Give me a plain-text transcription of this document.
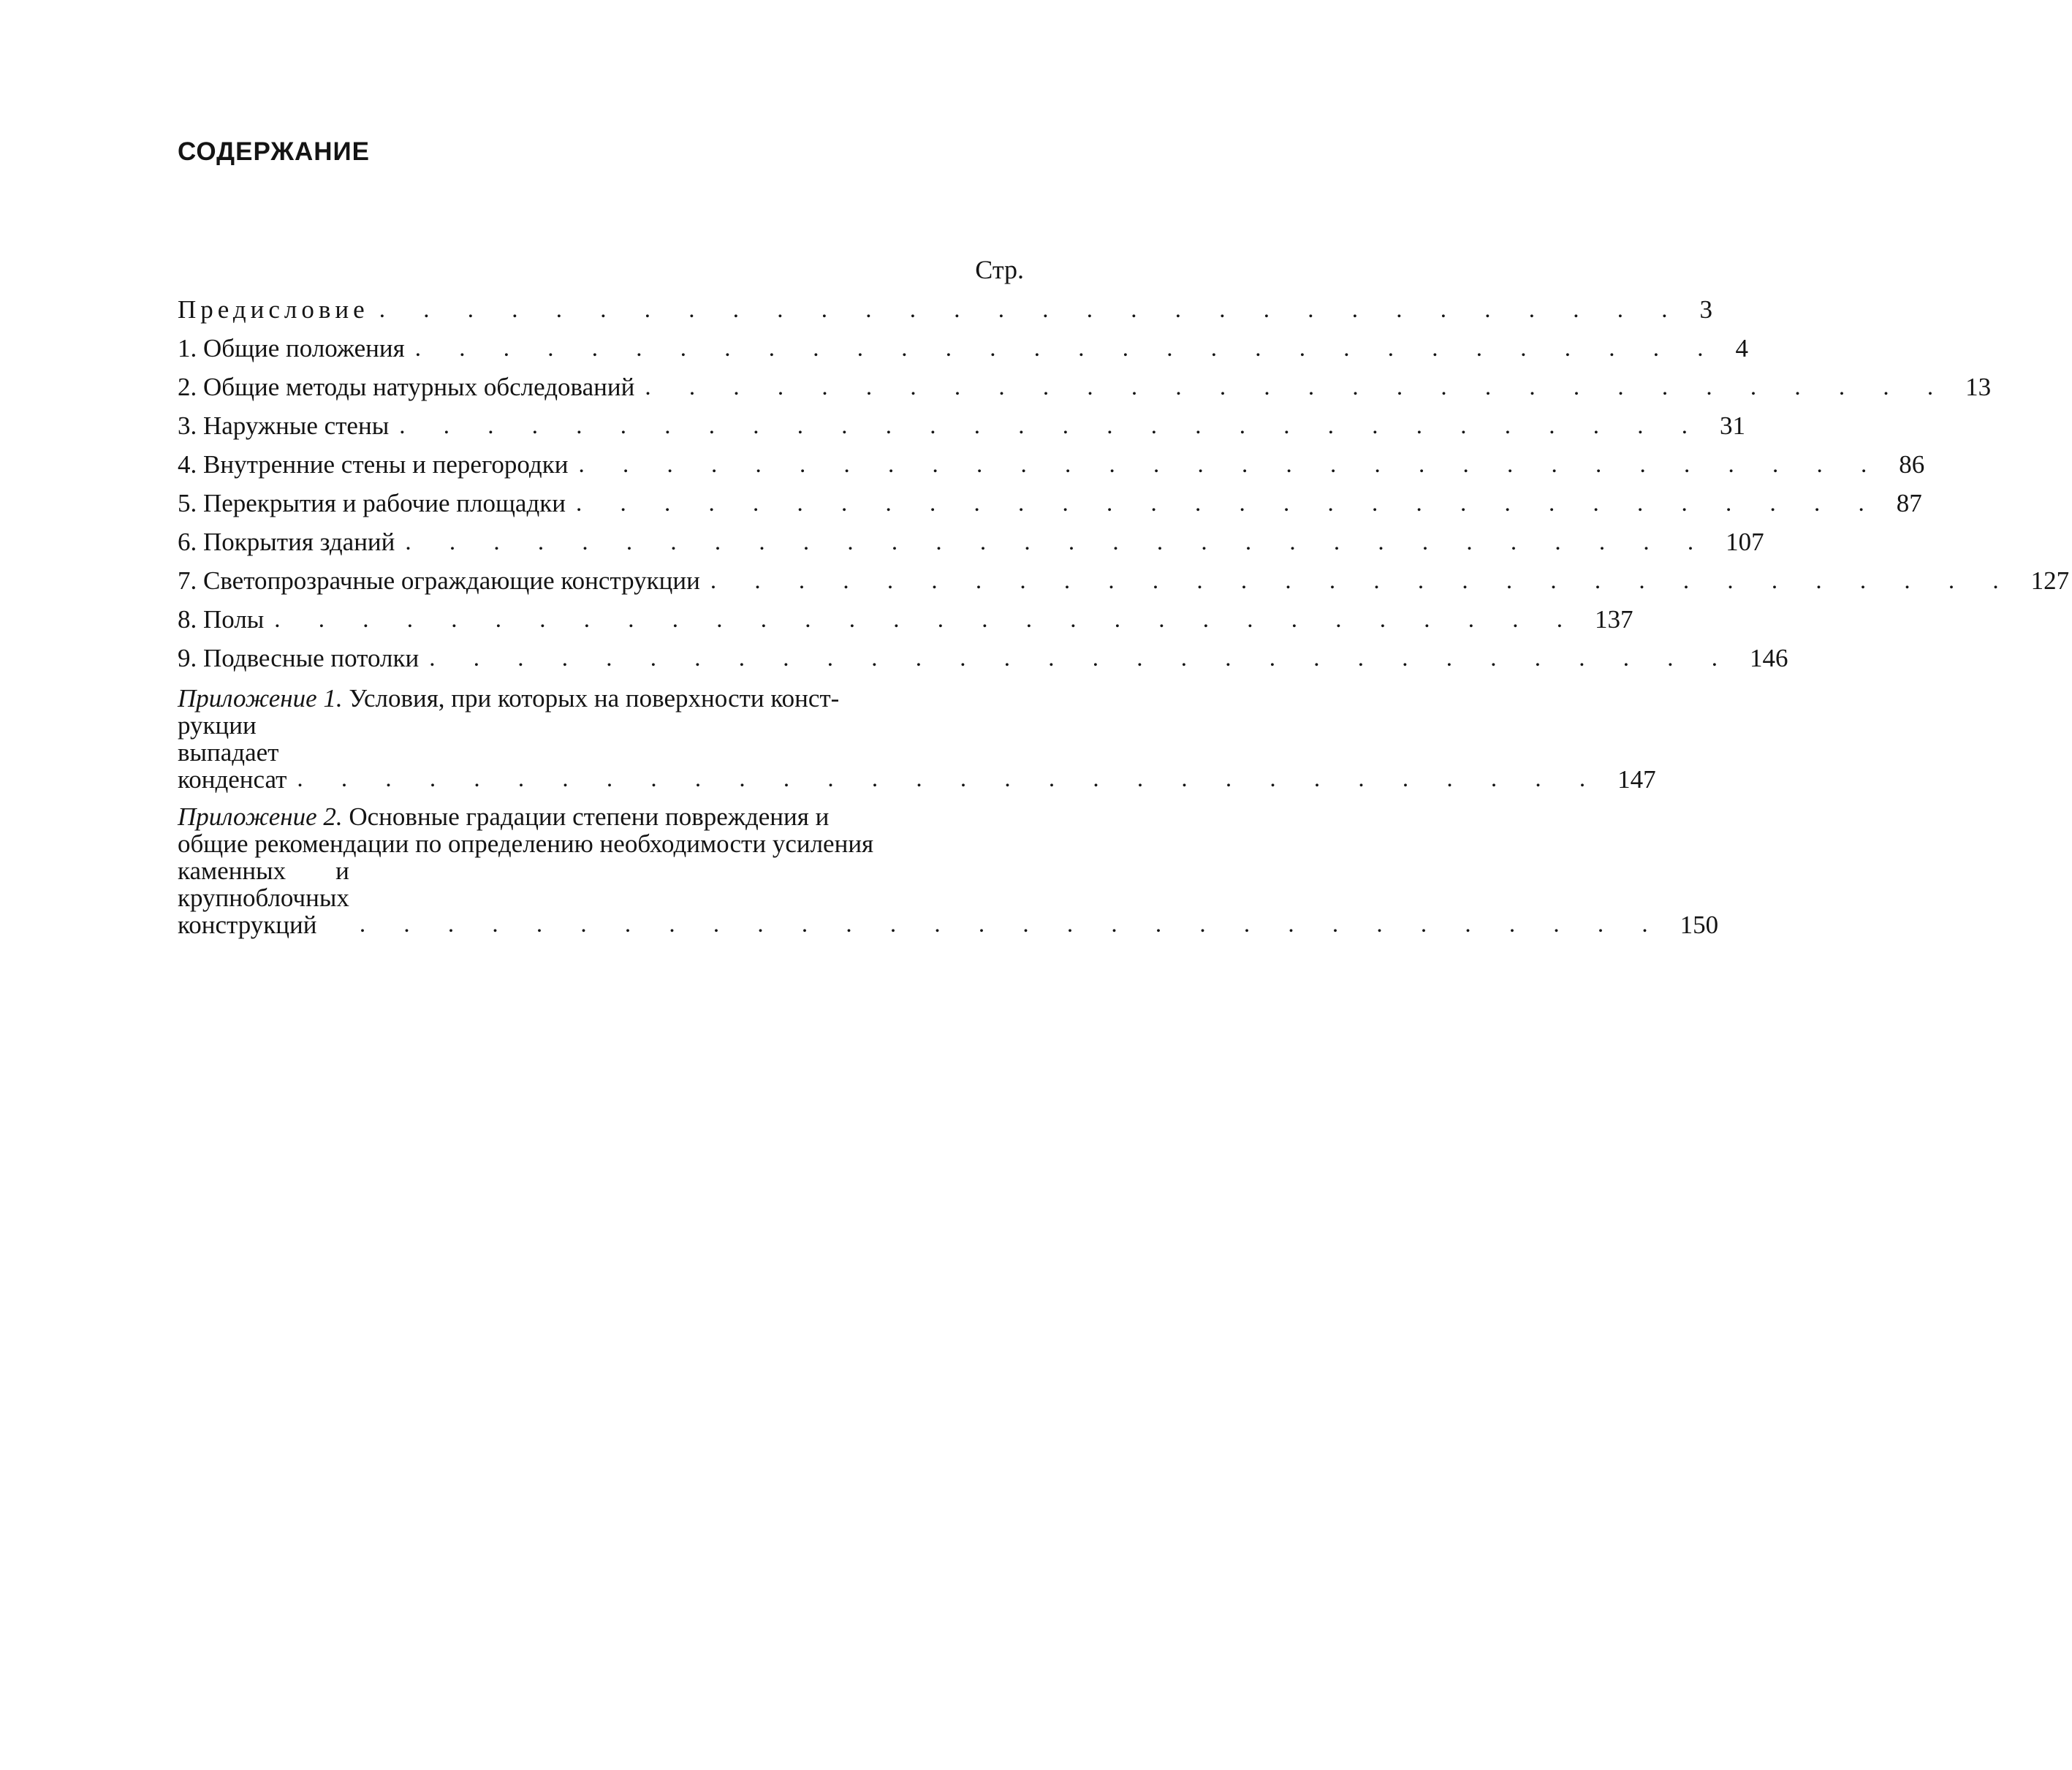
СОДЕРЖАНИЕ
Стр.
Предисловие . . . . . . . . . . . . . . . . . . . . . . . . . . . . . . 3
1. Общие положения . . . . . . . . . . . . . . . . . . . . . . . . . . . . . . 4
2. Общие методы натурных обследований . . . . . . . . . . . . . . . . . . . . . . . . . . . . . . 13
3. Наружные стены . . . . . . . . . . . . . . . . . . . . . . . . . . . . . . 31
4. Внутренние стены и перегородки . . . . . . . . . . . . . . . . . . . . . . . . . . . . . . 86
5. Перекрытия и рабочие площадки . . . . . . . . . . . . . . . . . . . . . . . . . . . . . . 87
6. Покрытия зданий . . . . . . . . . . . . . . . . . . . . . . . . . . . . . . 107
7. Светопрозрачные ограждающие конструкции . . . . . . . . . . . . . . . . . . . . . . . . . . . . . . 127
8. Полы . . . . . . . . . . . . . . . . . . . . . . . . . . . . . . 137
9. Подвесные потолки . . . . . . . . . . . . . . . . . . . . . . . . . . . . . . 146
Приложение 1. Условия, при которых на поверхности конст-
рукции выпадает конденсат . . . . . . . . . . . . . . . . . . . . . . . . . . . . . . 147
Приложение 2. Основные градации степени повреждения и
общие рекомендации по определению необходимости усиления
каменных и крупноблочных конструкций	. . . . . . . . . . . . . . . . . . . . . . . . . . . . . . 150
